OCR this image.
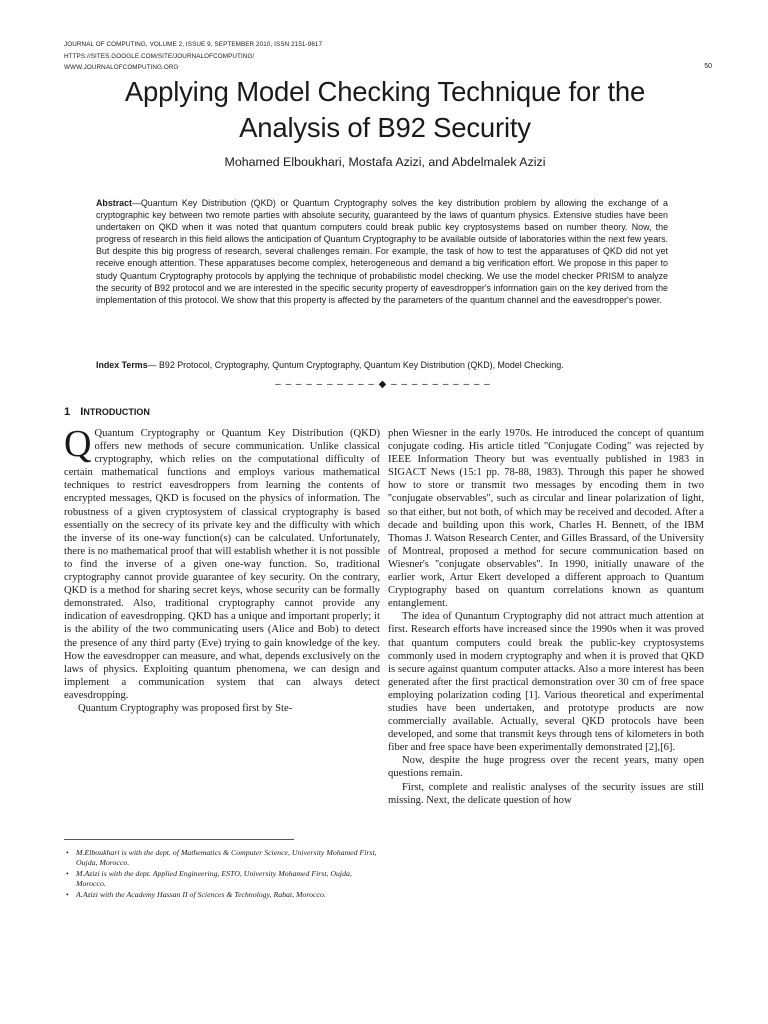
JOURNAL OF COMPUTING, VOLUME 2, ISSUE 9, SEPTEMBER 2010, ISSN 2151-9617
HTTPS://SITES.GOOGLE.COM/SITE/JOURNALOFCOMPUTING/
WWW.JOURNALOFCOMPUTING.ORG	50
Applying Model Checking Technique for the
Analysis of B92 Security
Mohamed Elboukhari, Mostafa Azizi, and Abdelmalek Azizi
Abstract—Quantum Key Distribution (QKD) or Quantum Cryptography solves the key distribution problem by allowing the exchange of a cryptographic key between two remote parties with absolute security, guaranteed by the laws of quantum physics. Extensive studies have been undertaken on QKD when it was noted that quantum computers could break public key cryptosystems based on number theory. Now, the progress of research in this field allows the anticipation of Quantum Cryptography to be available outside of laboratories within the next few years. But despite this big progress of research, several challenges remain. For example, the task of how to test the apparatuses of QKD did not yet receive enough attention. These apparatuses become complex, heterogeneous and demand a big verification effort. We propose in this paper to study Quantum Cryptography protocols by applying the technique of probabilistic model checking. We use the model checker PRISM to analyze the security of B92 protocol and we are interested in the specific security property of eavesdropper's information gain on the key derived from the implementation of this protocol. We show that this property is affected by the parameters of the quantum channel and the eavesdropper's power.
Index Terms— B92 Protocol, Cryptography, Quntum Cryptography, Quantum Key Distribution (QKD), Model Checking.
– – – – – – – – – – ◆ – – – – – – – – – –
1 INTRODUCTION

Q Quantum Cryptography or Quantum Key Distribution (QKD) offers new methods of secure communication. Unlike classical cryptography, which relies on the computational difficulty of certain mathematical functions and employs various mathematical techniques to restrict eavesdroppers from learning the contents of encrypted messages, QKD is focused on the physics of information. The robustness of a given cryptosystem of classical cryptography is based essentially on the secrecy of its private key and the difficulty with which the inverse of its one-way function(s) can be calculated. Unfortunately, there is no mathematical proof that will establish whether it is not possible to find the inverse of a given one-way function. So, traditional cryptography cannot provide guarantee of key security. On the contrary, QKD is a method for sharing secret keys, whose security can be formally demonstrated. Also, traditional cryptography cannot provide any indication of eavesdropping. QKD has a unique and important properly; it is the ability of the two communicating users (Alice and Bob) to detect the presence of any third party (Eve) trying to gain knowledge of the key. How the eavesdropper can measure, and what, depends exclusively on the laws of physics. Exploiting quantum phenomena, we can design and implement a communication system that can always detect eavesdropping.

Quantum Cryptography was proposed first by Ste-

• M.Elboukhari is with the dept. of Mathematics & Computer Science, University Mohamed First, Oujda, Morocco.
• M.Azizi is with the dept. Applied Engineering, ESTO, University Mohamed First, Oujda, Morocco.
• A.Azizi with the Academy Hassan II of Sciences & Technology, Rabat, Morocco.

phen Wiesner in the early 1970s. He introduced the concept of quantum conjugate coding. His article titled "Conjugate Coding" was rejected by IEEE Information Theory but was eventually published in 1983 in SIGACT News (15:1 pp. 78-88, 1983). Through this paper he showed how to store or transmit two messages by encoding them in two ''conjugate observables'', such as circular and linear polarization of light, so that either, but not both, of which may be received and decoded. After a decade and building upon this work, Charles H. Bennett, of the IBM Thomas J. Watson Research Center, and Gilles Brassard, of the University of Montreal, proposed a method for secure communication based on Wiesner's ''conjugate observables''. In 1990, initially unaware of the earlier work, Artur Ekert developed a different approach to Quantum Cryptography based on quantum correlations known as quantum entanglement.

The idea of Qunantum Cryptography did not attract much attention at first. Research efforts have increased since the 1990s when it was proved that quantum computers could break the public-key cryptosystems commonly used in modern cryptography and when it is proved that QKD is secure against quantum computer attacks. Also a more interest has been generated after the first practical demonstration over 30 cm of free space employing polarization coding [1]. Various theoretical and experimental studies have been undertaken, and prototype products are now commercially available. Actually, several QKD protocols have been developed, and some that transmit keys through tens of kilometers in both fiber and free space have been experimentally demonstrated [2],[6].

Now, despite the huge progress over the recent years, many open questions remain.

First, complete and realistic analyses of the security issues are still missing. Next, the delicate question of how
